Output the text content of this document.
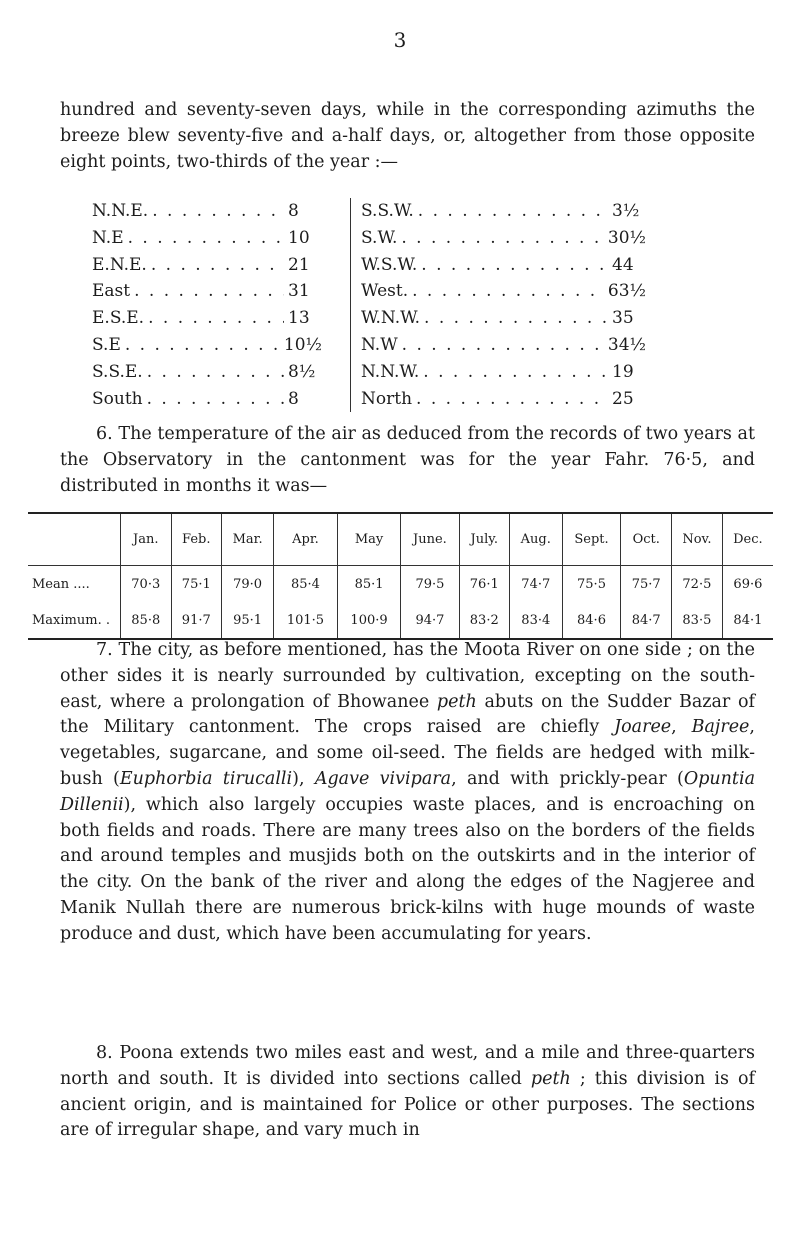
3

hundred and seventy-seven days, while in the corresponding azimuths the breeze blew seventy-five and a-half days, or, altogether from those opposite eight points, two-thirds of the year :—

N.N.E. . . .	8
N.E . . .	10
E.N.E. . . .	21
East . . .	31
E.S.E. . . .	13
S.E . . .	10½
S.S.E. . . .	8½
South . . .	8
S.S.W. . . .	3½
S.W. . . .	30½
W.S.W. . . .	44
West. . . .	63½
W.N.W. . . .	35
N.W . . .	34½
N.N.W. . . .	19
North . . .	25

6. The temperature of the air as deduced from the records of two years at the Observatory in the cantonment was for the year Fahr. 76·5, and distributed in months it was—

	Jan.	Feb.	Mar.	Apr.	May	June.	July.	Aug.	Sept.	Oct.	Nov.	Dec.
Mean ....	70·3	75·1	79·0	85·4	85·1	79·5	76·1	74·7	75·5	75·7	72·5	69·6
Maximum. .	85·8	91·7	95·1	101·5	100·9	94·7	83·2	83·4	84·6	84·7	83·5	84·1

7. The city, as before mentioned, has the Moota River on one side ; on the other sides it is nearly surrounded by cultivation, excepting on the south-east, where a prolongation of Bhowanee peth abuts on the Sudder Bazar of the Military cantonment. The crops raised are chiefly Joaree, Bajree, vegetables, sugarcane, and some oil-seed. The fields are hedged with milk-bush (Euphorbia tirucalli), Agave vivipara, and with prickly-pear (Opuntia Dillenii), which also largely occupies waste places, and is encroaching on both fields and roads. There are many trees also on the borders of the fields and around temples and musjids both on the outskirts and in the interior of the city. On the bank of the river and along the edges of the Nagjeree and Manik Nullah there are numerous brick-kilns with huge mounds of waste produce and dust, which have been accumulating for years.

8. Poona extends two miles east and west, and a mile and three-quarters north and south. It is divided into sections called peth ; this division is of ancient origin, and is maintained for Police or other purposes. The sections are of irregular shape, and vary much in
